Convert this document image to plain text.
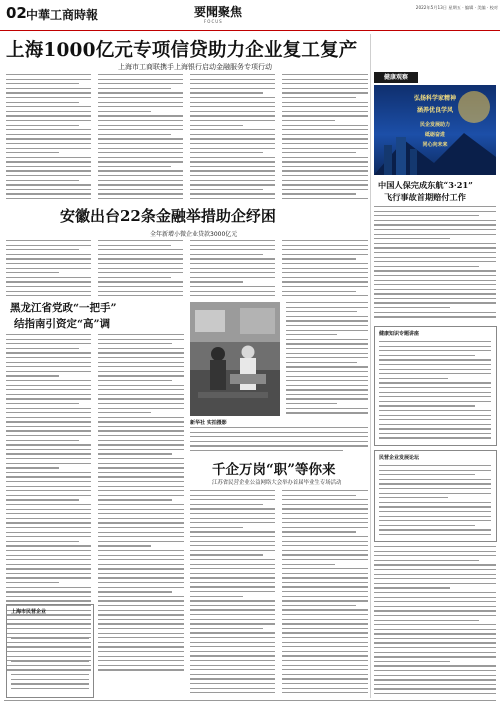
02 中華工商時報	要聞聚焦
FOCUS
2022年5月13日 星期五 · 编辑 · 美编 · 校对
上海1000亿元专项信贷助力企业复工复产
上海市工商联携手上海银行启动金融服务专项行动
安徽出台22条金融举措助企纾困
全年新增小微企业贷款3000亿元
黑龙江省党政“一把手”
结指南引资定“高”调
上海市民营企业
新华社 实拍摄影
千企万岗“职”等你来
江苏省民营企业公益网络大会举办首届毕业生专场活动
健康观察
弘扬科学家精神
涵养优良学风
民企发展助力
砥砺奋进
同心向未来
中国人保完成东航“3·21”
飞行事故首期赔付工作
健康知识专题讲座
民营企业发展论坛
